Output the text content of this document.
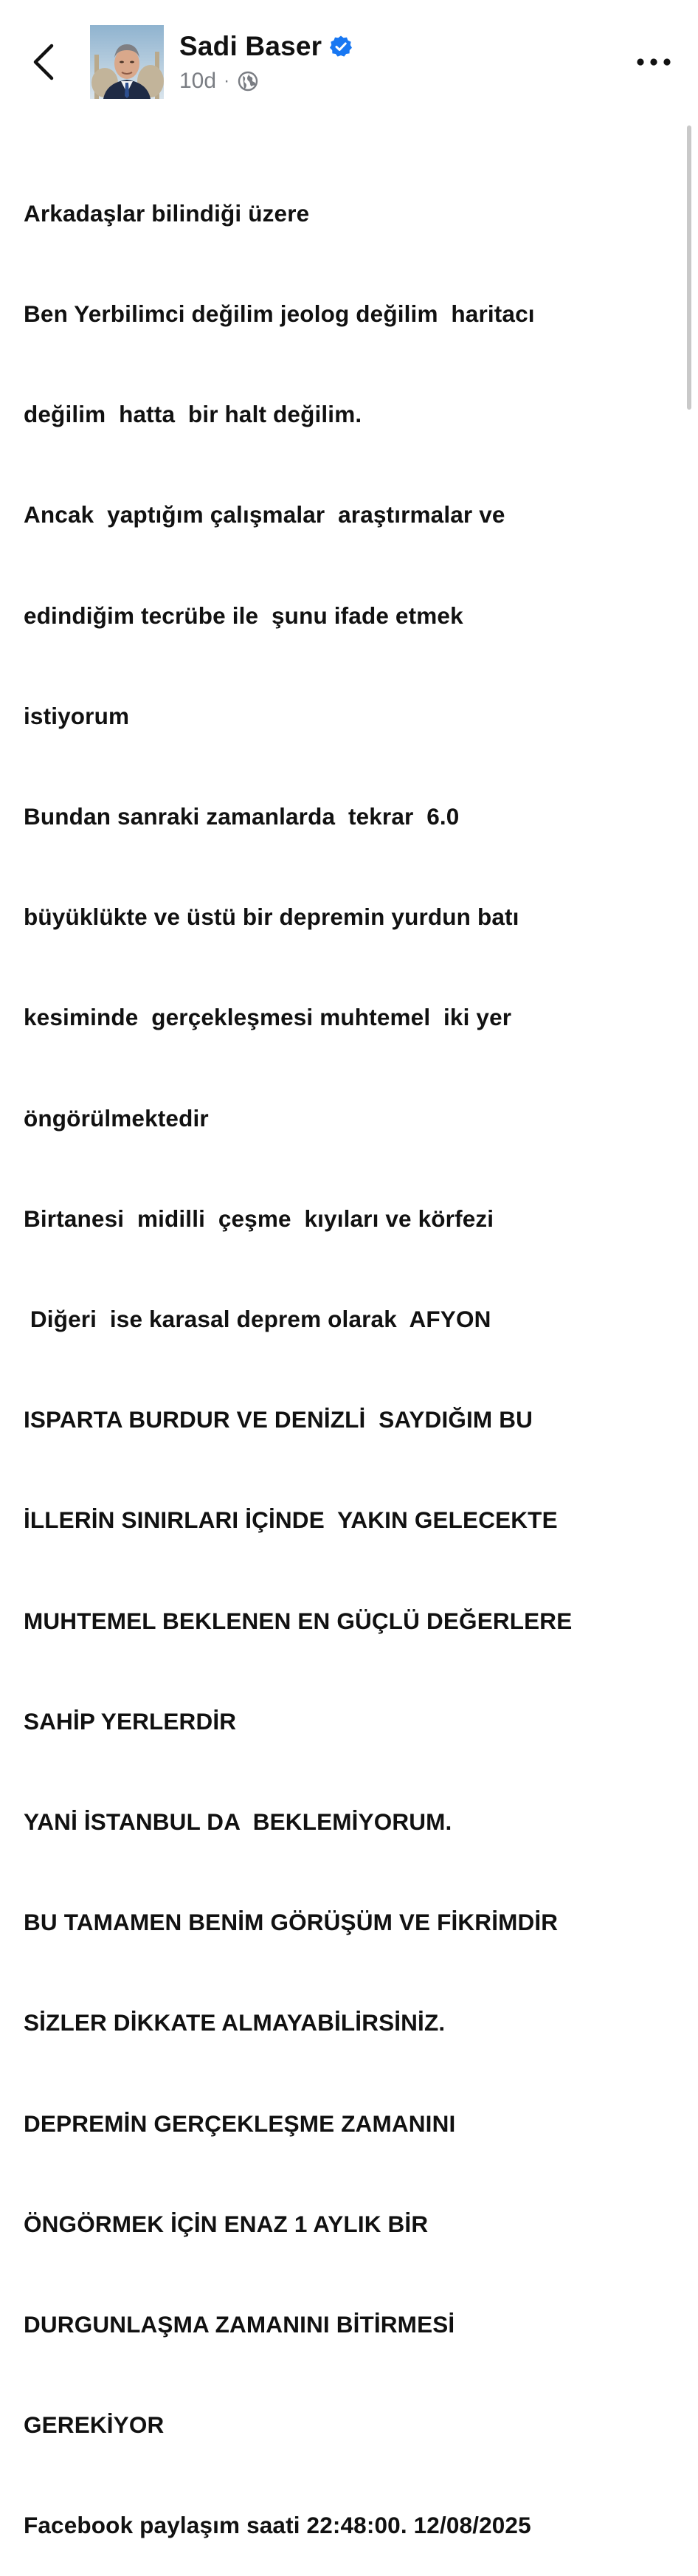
Sadi Baser
10d ·

Arkadaşlar bilindiği üzere

Ben Yerbilimci değilim jeolog değilim  haritacı

değilim  hatta  bir halt değilim.

Ancak  yaptığım çalışmalar  araştırmalar ve

edindiğim tecrübe ile  şunu ifade etmek

istiyorum

Bundan sanraki zamanlarda  tekrar  6.0

büyüklükte ve üstü bir depremin yurdun batı

kesiminde  gerçekleşmesi muhtemel  iki yer

öngörülmektedir

Birtanesi  midilli  çeşme  kıyıları ve körfezi

Diğeri  ise karasal deprem olarak  AFYON

ISPARTA BURDUR VE DENİZLİ  SAYDIĞIM BU

İLLERİN SINIRLARI İÇİNDE  YAKIN GELECEKTE

MUHTEMEL BEKLENEN EN GÜÇLÜ DEĞERLERE

SAHİP YERLERDİR

YANİ İSTANBUL DA  BEKLEMİYORUM.

BU TAMAMEN BENİM GÖRÜŞÜM VE FİKRİMDİR

SİZLER DİKKATE ALMAYABİLİRSİNİZ.

DEPREMİN GERÇEKLEŞME ZAMANINI

ÖNGÖRMEK İÇİN ENAZ 1 AYLIK BİR

DURGUNLAŞMA ZAMANINI BİTİRMESİ

GEREKİYOR

Facebook paylaşım saati 22:48:00. 12/08/2025
